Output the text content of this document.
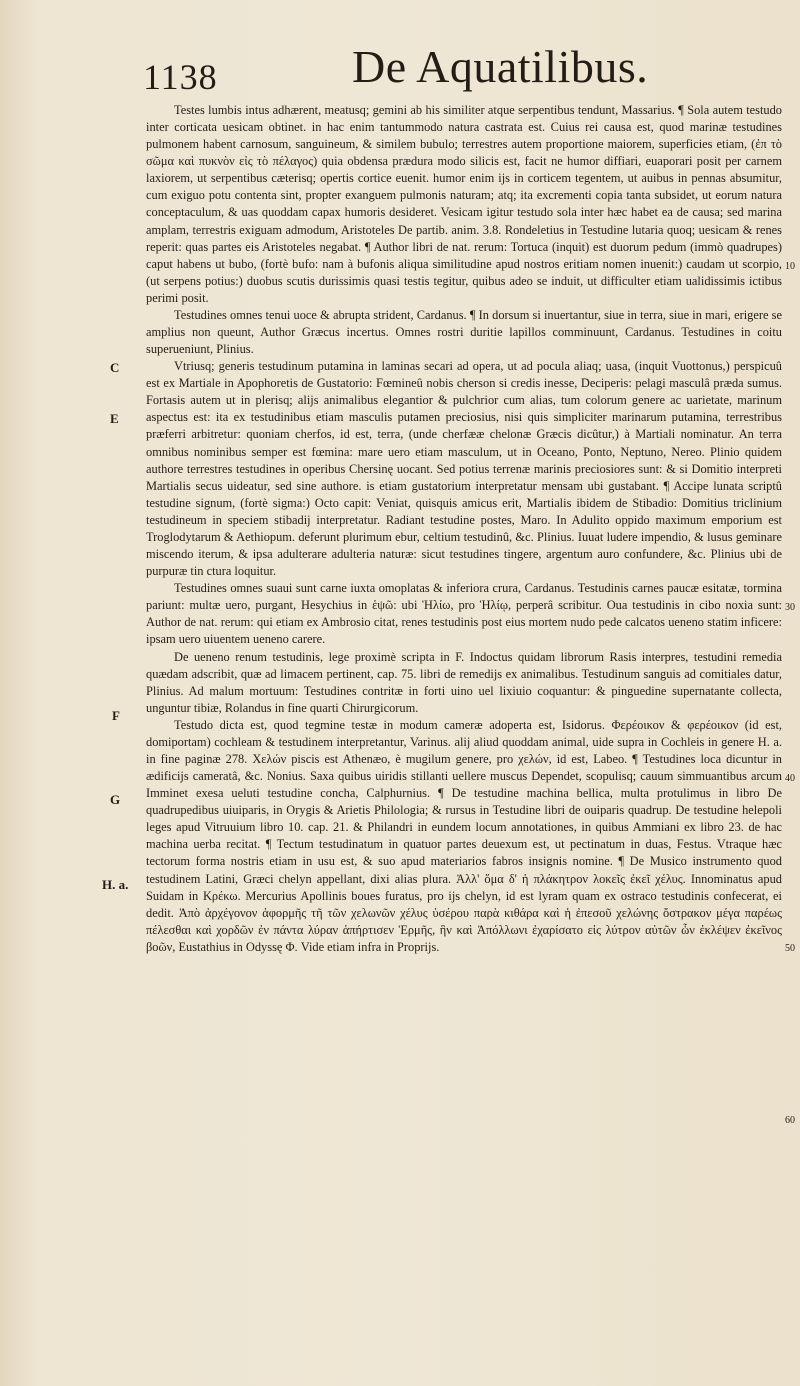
1138	De Aquatilibus.
C
E
F
G
H. a.
10
30
40
50
60

Testes lumbis intus adhærent, meatusq; gemini ab his similiter atque serpentibus tendunt, Massarius. ¶ Sola autem testudo inter corticata uesicam obtinet. in hac enim tantummodo natura castrata est. Cuius rei causa est, quod marinæ testudines pulmonem habent carnosum, sanguineum, & similem bubulo; terrestres autem proportione maiorem, superficies etiam, (ἐπ τὸ σῶμα καὶ πυκνὸν εἰς τὸ πέλαγος) quia obdensa prædura modo silicis est, facit ne humor diffiari, euaporari posit per carnem laxiorem, ut serpentibus cæterisq; opertis cortice euenit. humor enim ijs in corticem tegentem, ut auibus in pennas absumitur, cum exiguo potu contenta sint, propter exanguem pulmonis naturam; atq; ita excrementi copia tanta subsidet, ut eorum natura conceptaculum, & uas quoddam capax humoris desideret. Vesicam igitur testudo sola inter hæc habet ea de causa; sed marina amplam, terrestris exiguam admodum, Aristoteles De partib. anim. 3.8. Rondeletius in Testudine lutaria quoq; uesicam & renes reperit: quas partes eis Aristoteles negabat. ¶ Author libri de nat. rerum: Tortuca (inquit) est duorum pedum (immò quadrupes) caput habens ut bubo, (fortè bufo: nam à bufonis aliqua similitudine apud nostros eritiam nomen inuenit:) caudam ut scorpio, (ut serpens potius:) duobus scutis durissimis quasi testis tegitur, quibus adeo se induit, ut difficulter etiam ualidissimis ictibus perimi posit.

Testudines omnes tenui uoce & abrupta strident, Cardanus. ¶ In dorsum si inuertantur, siue in terra, siue in mari, erigere se amplius non queunt, Author Græcus incertus. Omnes rostri duritie lapillos comminuunt, Cardanus. Testudines in coitu superueniunt, Plinius.

Vtriusq; generis testudinum putamina in laminas secari ad opera, ut ad pocula aliaq; uasa, (inquit Vuottonus,) perspicuû est ex Martiale in Apophoretis de Gustatorio: Fœmineû nobis cherson si credis inesse, Deciperis: pelagi masculâ præda sumus. Fortasis autem ut in plerisq; alijs animalibus elegantior & pulchrior cum alias, tum colorum genere ac uarietate, marinum aspectus est: ita ex testudinibus etiam masculis putamen preciosius, nisi quis simpliciter marinarum putamina, terrestribus præferri arbitretur: quoniam cherfos, id est, terra, (unde cherfææ chelonæ Græcis dicûtur,) à Martiali nominatur. An terra omnibus nominibus semper est fœmina: mare uero etiam masculum, ut in Oceano, Ponto, Neptuno, Nereo. Plinio quidem authore terrestres testudines in operibus Chersinę uocant. Sed potius terrenæ marinis preciosiores sunt: & si Domitio interpreti Martialis secus uideatur, sed sine authore. is etiam gustatorium interpretatur mensam ubi gustabant. ¶ Accipe lunata scriptû testudine signum, (fortè sigma:) Octo capit: Veniat, quisquis amicus erit, Martialis ibidem de Stibadio: Domitius triclinium testudineum in speciem stibadij interpretatur. Radiant testudine postes, Maro. In Adulito oppido maximum emporium est Troglodytarum & Aethiopum. deferunt plurimum ebur, celtium testudinû, &c. Plinius. Iuuat ludere impendio, & lusus geminare miscendo iterum, & ipsa adulterare adulteria naturæ: sicut testudines tingere, argentum auro confundere, &c. Plinius ubi de purpuræ tin ctura loquitur.

Testudines omnes suaui sunt carne iuxta omoplatas & inferiora crura, Cardanus. Testudinis carnes paucæ esitatæ, tormina pariunt: multæ uero, purgant, Hesychius in ἑψῶ: ubi Ἡλίω, pro Ἡλίῳ, perperâ scribitur. Oua testudinis in cibo noxia sunt: Author de nat. rerum: qui etiam ex Ambrosio citat, renes testudinis post eius mortem nudo pede calcatos ueneno statim inficere: ipsam uero uiuentem ueneno carere.

De ueneno renum testudinis, lege proximè scripta in F. Indoctus quidam librorum Rasis interpres, testudini remedia quædam adscribit, quæ ad limacem pertinent, cap. 75. libri de remedijs ex animalibus. Testudinum sanguis ad comitiales datur, Plinius. Ad malum mortuum: Testudines contritæ in forti uino uel lixiuio coquantur: & pinguedine supernatante collecta, unguntur tibiæ, Rolandus in fine quarti Chirurgicorum.

Testudo dicta est, quod tegmine testæ in modum cameræ adoperta est, Isidorus. Φερέοικον & φερέοικον (id est, domiportam) cochleam & testudinem interpretantur, Varinus. alij aliud quoddam animal, uide supra in Cochleis in genere H. a. in fine paginæ 278. Χελών piscis est Athenæo, è mugilum genere, pro χελών, id est, Labeo. ¶ Testudines loca dicuntur in ædificijs cameratâ, &c. Nonius. Saxa quibus uiridis stillanti uellere muscus Dependet, scopulisq; cauum simmuantibus arcum Imminet exesa ueluti testudine concha, Calphurnius. ¶ De testudine machina bellica, multa protulimus in libro De quadrupedibus uiuiparis, in Orygis & Arietis Philologia; & rursus in Testudine libri de ouiparis quadrup. De testudine helepoli leges apud Vitruuium libro 10. cap. 21. & Philandri in eundem locum annotationes, in quibus Ammiani ex libro 23. de hac machina uerba recitat. ¶ Tectum testudinatum in quatuor partes deuexum est, ut pectinatum in duas, Festus. Vtraque hæc tectorum forma nostris etiam in usu est, & suo apud materiarios fabros insignis nomine. ¶ De Musico instrumento quod testudinem Latini, Græci chelyn appellant, dixi alias plura. Ἀλλ' ὅμα δ' ἡ πλάκητρον λοκεῖς ἐκεῖ χέλυς. Innominatus apud Suidam in Κρέκω. Mercurius Apollinis boues furatus, pro ijs chelyn, id est lyram quam ex ostraco testudinis confecerat, ei dedit. Ἀπὸ ἀρχέγονον ἀφορμῆς τῆ τῶν χελωνῶν χέλυς ὑσέρου παρὰ κιθάρα καὶ ἡ ἐπεσοῦ χελώνης ὄστρακον μέγα παρέως πέλεσθαι καὶ χορδῶν ἐν πάντα λύραν ἁπήρτισεν Ἑρμῆς, ἣν καὶ Ἀπόλλωνι ἐχαρίσατο εἰς λύτρον αὐτῶν ὧν ἐκλέψεν ἐκεῖνος βοῶν, Eustathius in Odyssę Φ. Vide etiam infra in Proprijs.
